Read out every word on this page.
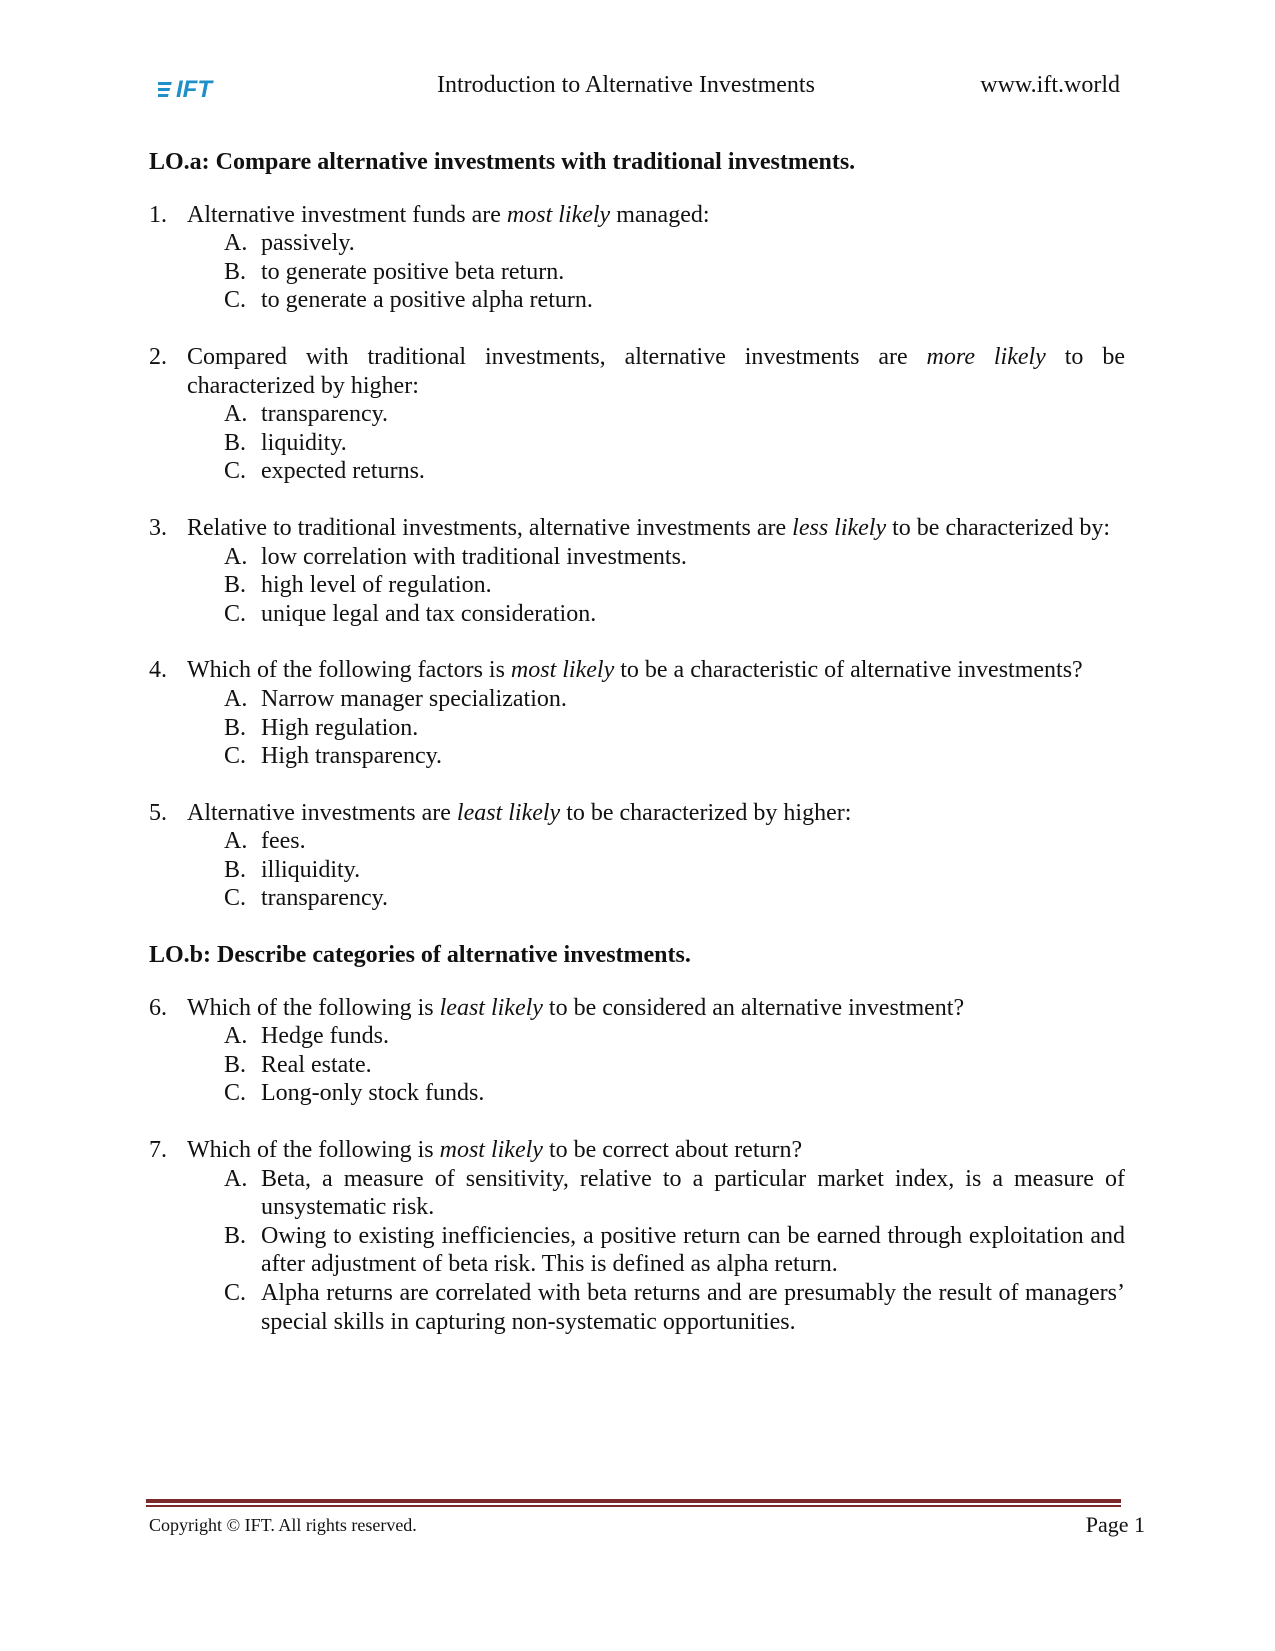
IFT	Introduction to Alternative Investments	www.ift.world
LO.a: Compare alternative investments with traditional investments.
1. Alternative investment funds are most likely managed:
A. passively.
B. to generate positive beta return.
C. to generate a positive alpha return.
2. Compared with traditional investments, alternative investments are more likely to be characterized by higher:
A. transparency.
B. liquidity.
C. expected returns.
3. Relative to traditional investments, alternative investments are less likely to be characterized by:
A. low correlation with traditional investments.
B. high level of regulation.
C. unique legal and tax consideration.
4. Which of the following factors is most likely to be a characteristic of alternative investments?
A. Narrow manager specialization.
B. High regulation.
C. High transparency.
5. Alternative investments are least likely to be characterized by higher:
A. fees.
B. illiquidity.
C. transparency.
LO.b: Describe categories of alternative investments.
6. Which of the following is least likely to be considered an alternative investment?
A. Hedge funds.
B. Real estate.
C. Long-only stock funds.
7. Which of the following is most likely to be correct about return?
A. Beta, a measure of sensitivity, relative to a particular market index, is a measure of unsystematic risk.
B. Owing to existing inefficiencies, a positive return can be earned through exploitation and after adjustment of beta risk. This is defined as alpha return.
C. Alpha returns are correlated with beta returns and are presumably the result of managers’ special skills in capturing non-systematic opportunities.
Copyright © IFT. All rights reserved.	Page 1
